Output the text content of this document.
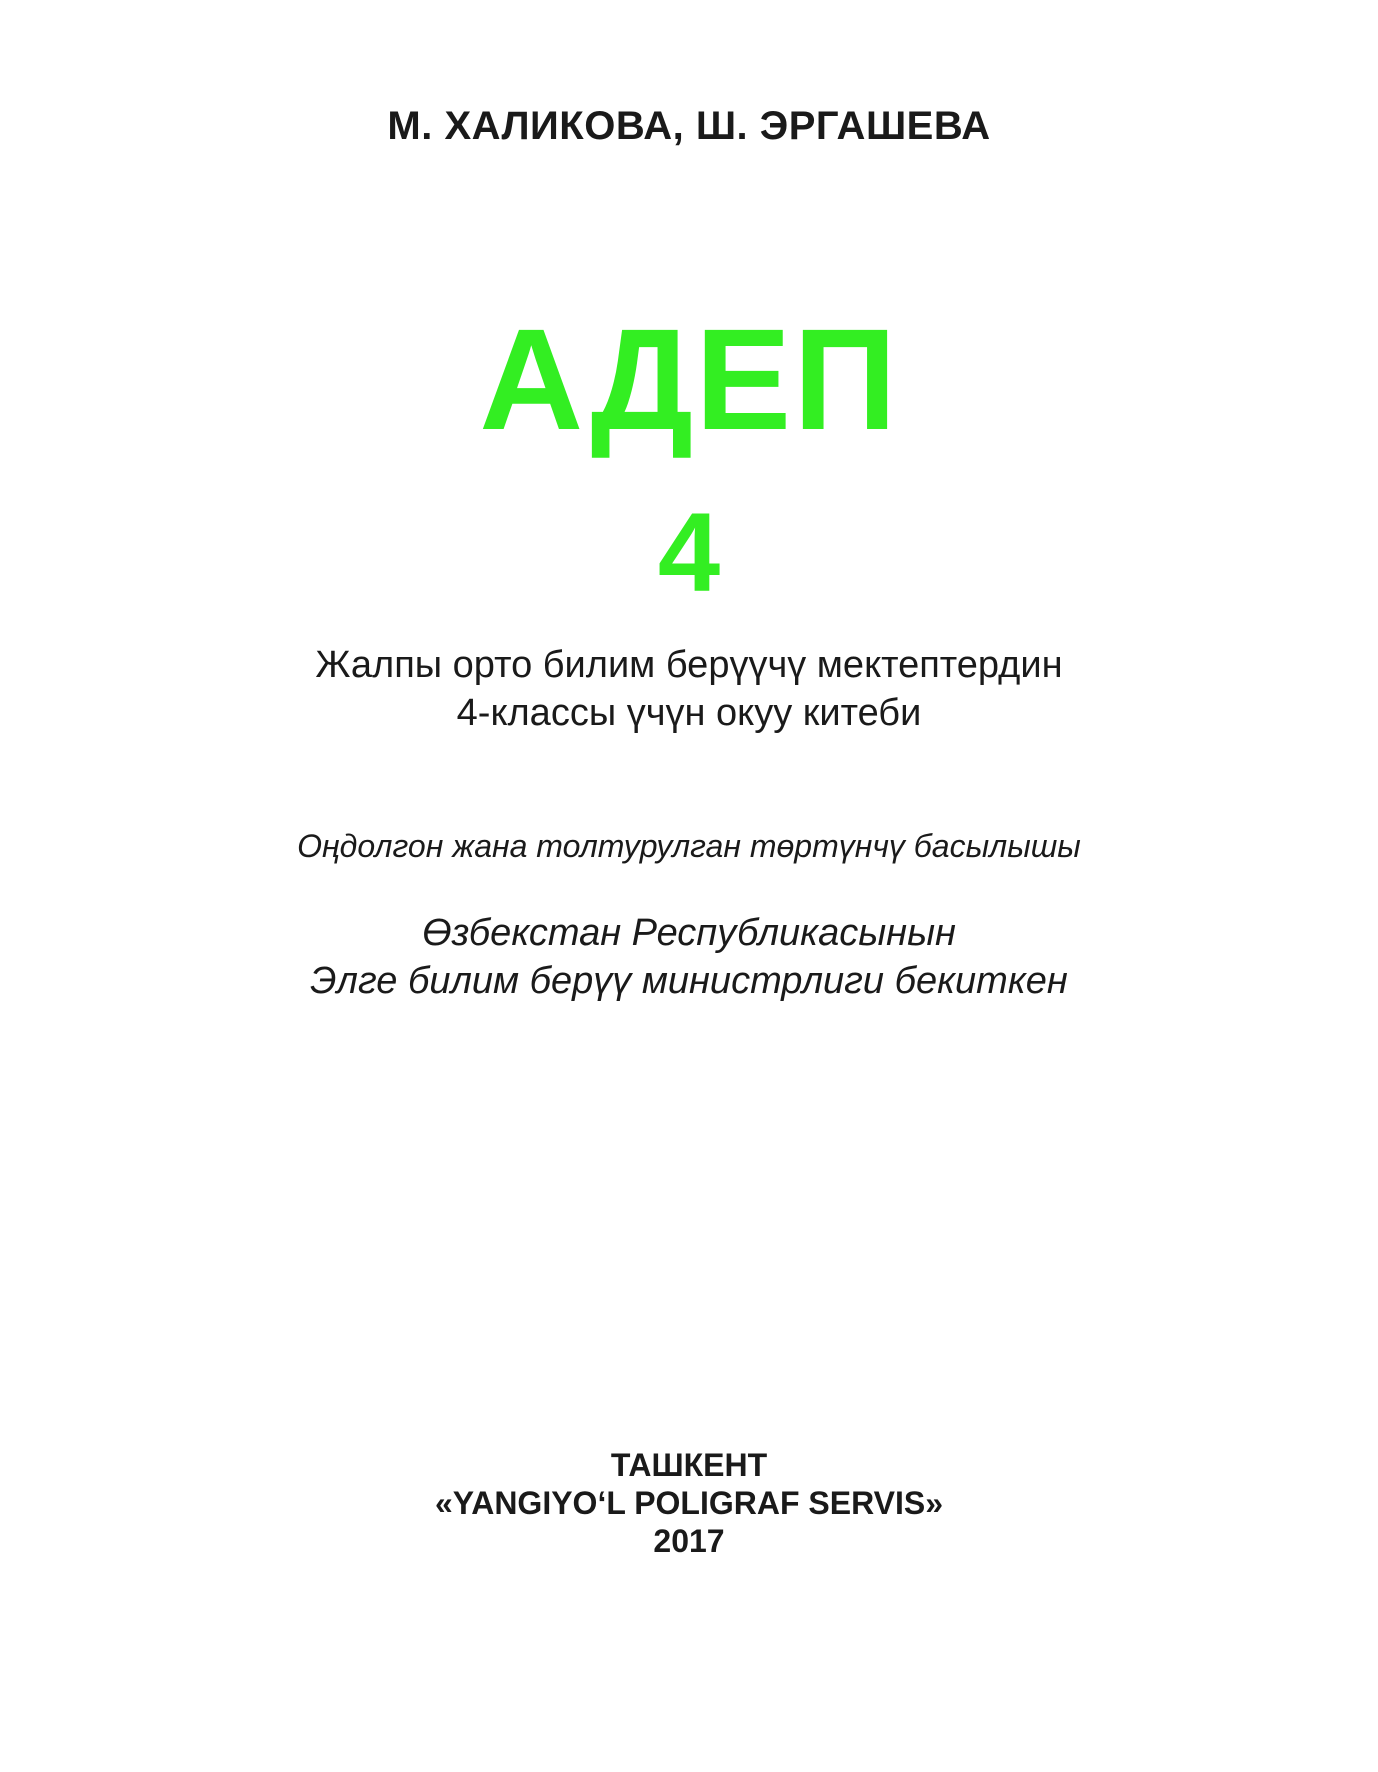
М. ХАЛИКОВА, Ш. ЭРГАШЕВА

АДЕП

4

Жалпы орто билим берүүчү мектептердин

4-классы үчүн окуу китеби

Оңдолгон жана толтурулган төртүнчү басылышы

Өзбекстан Республикасынын

Элге билим берүү министрлиги бекиткен

ТАШКЕНТ

«YANGIYO‘L POLIGRAF SERVIS»

2017
